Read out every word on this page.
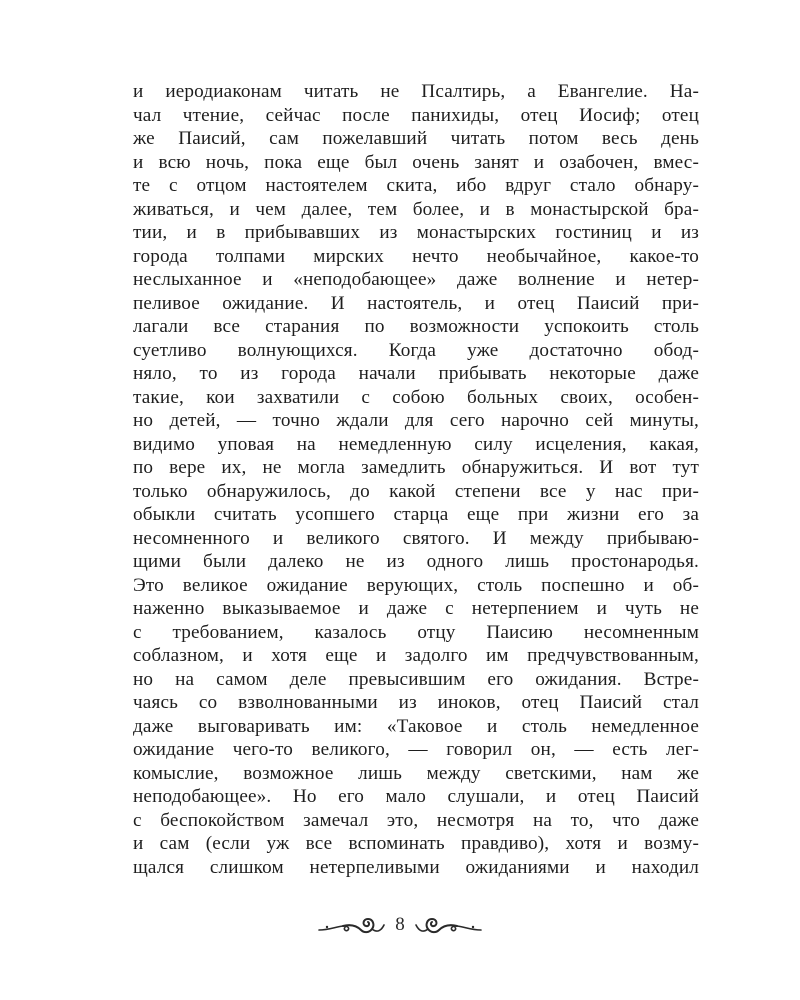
и иеродиаконам читать не Псалтирь, а Евангелие. На-
чал чтение, сейчас после панихиды, отец Иосиф; отец
же Паисий, сам пожелавший читать потом весь день
и всю ночь, пока еще был очень занят и озабочен, вмес-
те с отцом настоятелем скита, ибо вдруг стало обнару-
живаться, и чем далее, тем более, и в монастырской бра-
тии, и в прибывавших из монастырских гостиниц и из
города толпами мирских нечто необычайное, какое-то
неслыханное и «неподобающее» даже волнение и нетер-
пеливое ожидание. И настоятель, и отец Паисий при-
лагали все старания по возможности успокоить столь
суетливо волнующихся. Когда уже достаточно обод-
няло, то из города начали прибывать некоторые даже
такие, кои захватили с собою больных своих, особен-
но детей, — точно ждали для сего нарочно сей минуты,
видимо уповая на немедленную силу исцеления, какая,
по вере их, не могла замедлить обнаружиться. И вот тут
только обнаружилось, до какой степени все у нас при-
обыкли считать усопшего старца еще при жизни его за
несомненного и великого святого. И между прибываю-
щими были далеко не из одного лишь простонародья.
Это великое ожидание верующих, столь поспешно и об-
наженно выказываемое и даже с нетерпением и чуть не
с требованием, казалось отцу Паисию несомненным
соблазном, и хотя еще и задолго им предчувствованным,
но на самом деле превысившим его ожидания. Встре-
чаясь со взволнованными из иноков, отец Паисий стал
даже выговаривать им: «Таковое и столь немедленное
ожидание чего-то великого, — говорил он, — есть лег-
комыслие, возможное лишь между светскими, нам же
неподобающее». Но его мало слушали, и отец Паисий
с беспокойством замечал это, несмотря на то, что даже
и сам (если уж все вспоминать правдиво), хотя и возму-
щался слишком нетерпеливыми ожиданиями и находил
8
